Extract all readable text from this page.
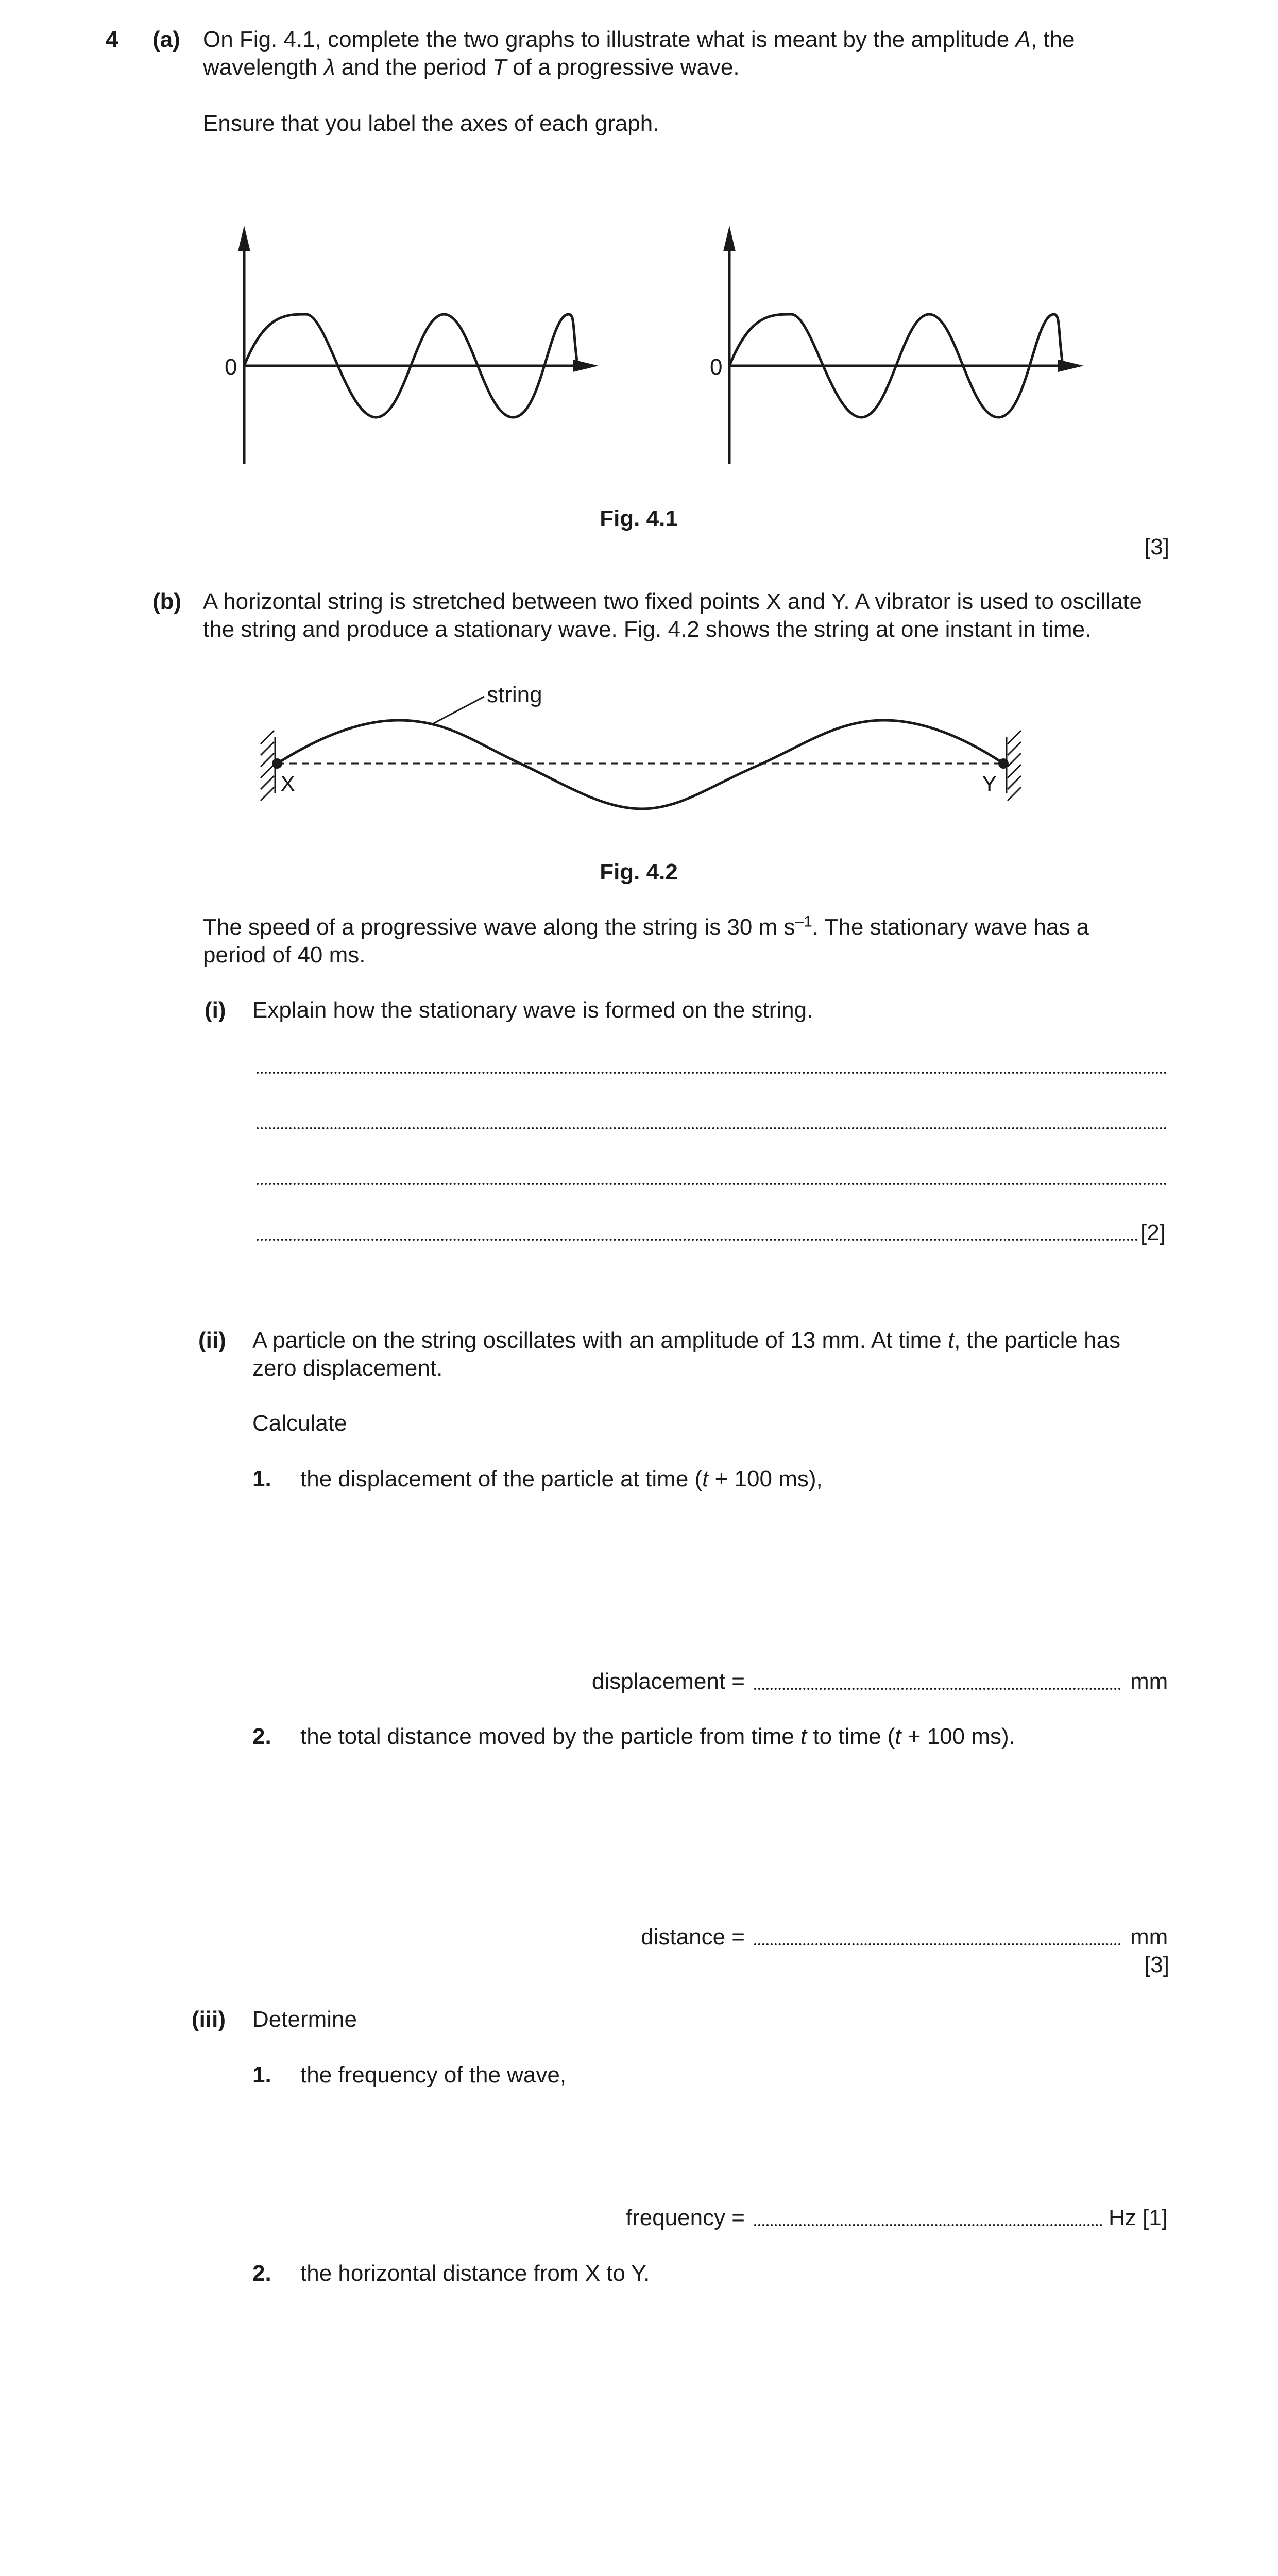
4 (a) On Fig. 4.1, complete the two graphs to illustrate what is meant by the amplitude A, the
wavelength λ and the period T of a progressive wave.
Ensure that you label the axes of each graph.
0	0
Fig. 4.1
[3]
(b) A horizontal string is stretched between two fixed points X and Y. A vibrator is used to oscillate
the string and produce a stationary wave. Fig. 4.2 shows the string at one instant in time.
string
X	Y
Fig. 4.2
The speed of a progressive wave along the string is 30 m $s^{-1}$. The stationary wave has a
period of 40 ms.
(i) Explain how the stationary wave is formed on the string.
[2]
(ii) A particle on the string oscillates with an amplitude of 13 mm. At time t, the particle has
zero displacement.
Calculate
1. the displacement of the particle at time (t + 100 ms),
displacement =	mm
2. the total distance moved by the particle from time t to time (t + 100 ms).
distance =	mm
[3]
(iii) Determine
1. the frequency of the wave,
frequency =	Hz [1]
2. the horizontal distance from X to Y.
